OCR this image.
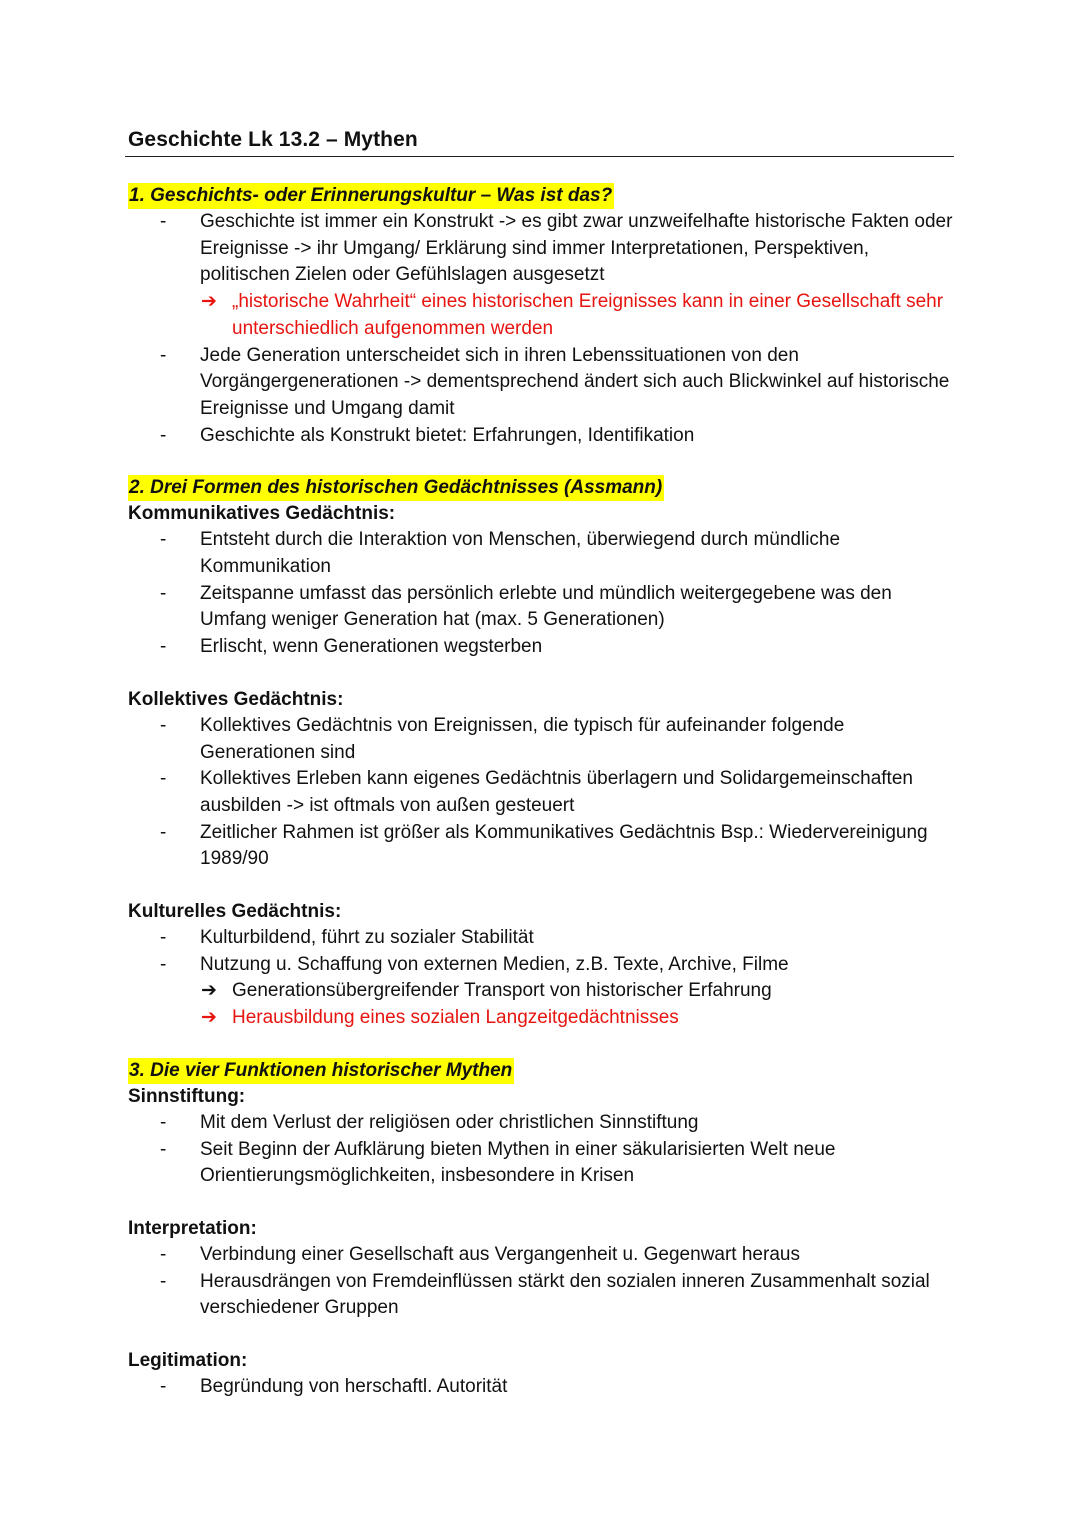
Geschichte Lk 13.2 – Mythen
1. Geschichts- oder Erinnerungskultur – Was ist das?
- Geschichte ist immer ein Konstrukt -> es gibt zwar unzweifelhafte historische Fakten oder Ereignisse -> ihr Umgang/ Erklärung sind immer Interpretationen, Perspektiven, politischen Zielen oder Gefühlslagen ausgesetzt
➔ „historische Wahrheit“ eines historischen Ereignisses kann in einer Gesellschaft sehr unterschiedlich aufgenommen werden
- Jede Generation unterscheidet sich in ihren Lebenssituationen von den Vorgängergenerationen -> dementsprechend ändert sich auch Blickwinkel auf historische Ereignisse und Umgang damit
- Geschichte als Konstrukt bietet: Erfahrungen, Identifikation
2. Drei Formen des historischen Gedächtnisses (Assmann)
Kommunikatives Gedächtnis:
- Entsteht durch die Interaktion von Menschen, überwiegend durch mündliche Kommunikation
- Zeitspanne umfasst das persönlich erlebte und mündlich weitergegebene was den Umfang weniger Generation hat (max. 5 Generationen)
- Erlischt, wenn Generationen wegsterben
Kollektives Gedächtnis:
- Kollektives Gedächtnis von Ereignissen, die typisch für aufeinander folgende Generationen sind
- Kollektives Erleben kann eigenes Gedächtnis überlagern und Solidargemeinschaften ausbilden -> ist oftmals von außen gesteuert
- Zeitlicher Rahmen ist größer als Kommunikatives Gedächtnis Bsp.: Wiedervereinigung 1989/90
Kulturelles Gedächtnis:
- Kulturbildend, führt zu sozialer Stabilität
- Nutzung u. Schaffung von externen Medien, z.B. Texte, Archive, Filme
➔ Generationsübergreifender Transport von historischer Erfahrung
➔ Herausbildung eines sozialen Langzeitgedächtnisses
3. Die vier Funktionen historischer Mythen
Sinnstiftung:
- Mit dem Verlust der religiösen oder christlichen Sinnstiftung
- Seit Beginn der Aufklärung bieten Mythen in einer säkularisierten Welt neue Orientierungsmöglichkeiten, insbesondere in Krisen
Interpretation:
- Verbindung einer Gesellschaft aus Vergangenheit u. Gegenwart heraus
- Herausdrängen von Fremdeinflüssen stärkt den sozialen inneren Zusammenhalt sozial verschiedener Gruppen
Legitimation:
- Begründung von herschaftl. Autorität
